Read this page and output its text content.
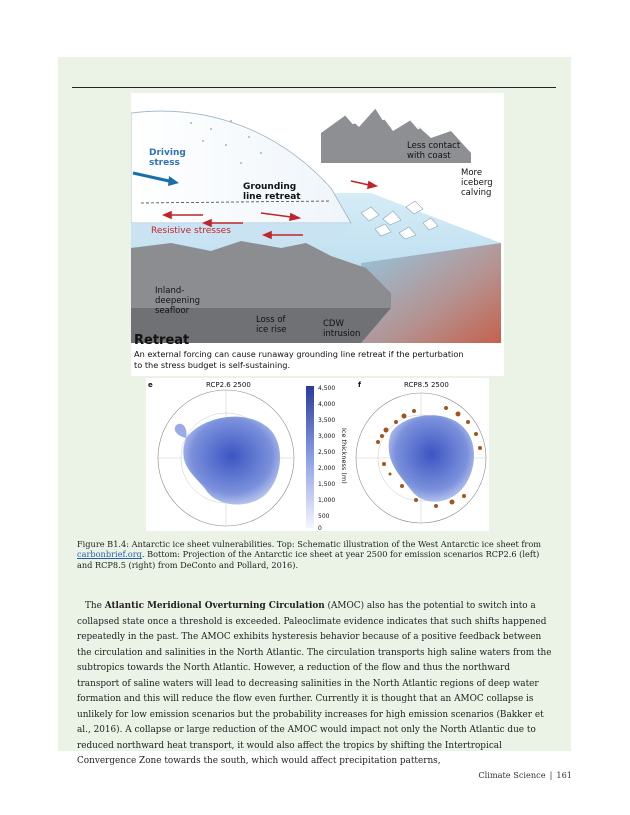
Driving stress
Grounding line retreat
Less contact with coast
More iceberg calving
Resistive stresses
Inland- deepening seafloor
Loss of ice rise
CDW intrusion
Retreat
An external forcing can cause runaway grounding line retreat if the perturbation to the stress budget is self-sustaining.
e	RCP2.6 2500	4,500
4,000
3,500
3,000
2,500
2,000
1,500
1,000
500
0
Ice thickness (m)
f	RCP8.5 2500
Figure B1.4: Antarctic ice sheet vulnerabilities. Top: Schematic illustration of the West Antarctic ice sheet from carbonbrief.org. Bottom: Projection of the Antarctic ice sheet at year 2500 for emission scenarios RCP2.6 (left) and RCP8.5 (right) from DeConto and Pollard, 2016).
The Atlantic Meridional Overturning Circulation (AMOC) also has the potential to switch into a collapsed state once a threshold is exceeded. Paleoclimate evidence indicates that such shifts happened repeatedly in the past. The AMOC exhibits hysteresis behavior because of a positive feedback between the circulation and salinities in the North Atlantic. The circulation transports high saline waters from the subtropics towards the North Atlantic. However, a reduction of the flow and thus the northward transport of saline waters will lead to decreasing salinities in the North Atlantic regions of deep water formation and this will reduce the flow even further. Currently it is thought that an AMOC collapse is unlikely for low emission scenarios but the probability increases for high emission scenarios (Bakker et al., 2016). A collapse or large reduction of the AMOC would impact not only the North Atlantic due to reduced northward heat transport, it would also affect the tropics by shifting the Intertropical Convergence Zone towards the south, which would affect precipitation patterns,
Climate Science | 161
